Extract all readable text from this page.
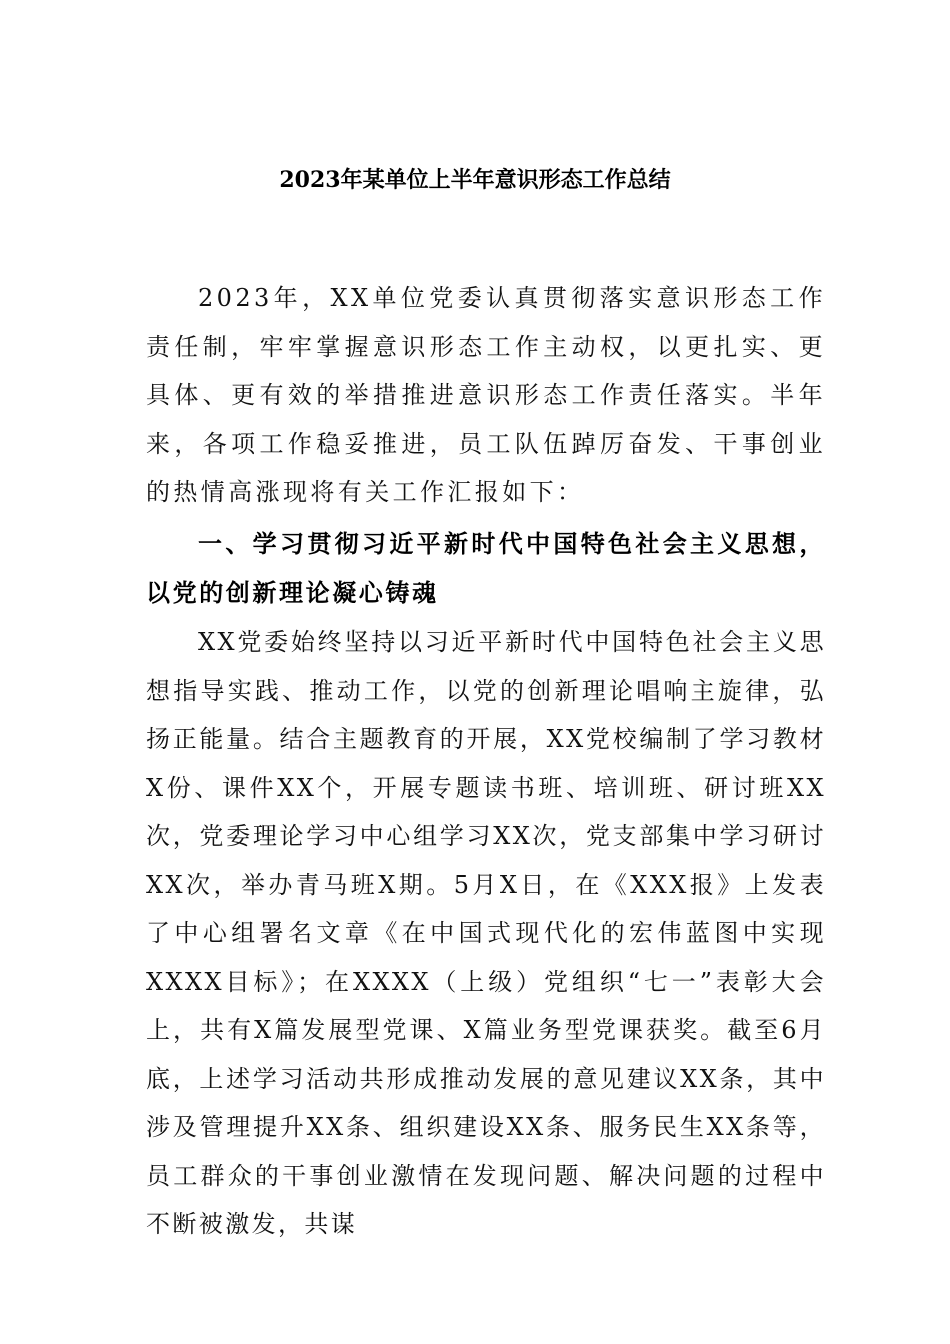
2023年某单位上半年意识形态工作总结

2023年，XX单位党委认真贯彻落实意识形态工作责任制，牢牢掌握意识形态工作主动权，以更扎实、更具体、更有效的举措推进意识形态工作责任落实。半年来，各项工作稳妥推进，员工队伍踔厉奋发、干事创业的热情高涨现将有关工作汇报如下：

一、学习贯彻习近平新时代中国特色社会主义思想，以党的创新理论凝心铸魂

XX党委始终坚持以习近平新时代中国特色社会主义思想指导实践、推动工作，以党的创新理论唱响主旋律，弘扬正能量。结合主题教育的开展，XX党校编制了学习教材X份、课件XX个，开展专题读书班、培训班、研讨班XX次，党委理论学习中心组学习XX次，党支部集中学习研讨XX次，举办青马班X期。5月X日，在《XXX报》上发表了中心组署名文章《在中国式现代化的宏伟蓝图中实现XXXX目标》；在XXXX（上级）党组织“七一”表彰大会上，共有X篇发展型党课、X篇业务型党课获奖。截至6月底，上述学习活动共形成推动发展的意见建议XX条，其中涉及管理提升XX条、组织建设XX条、服务民生XX条等，员工群众的干事创业激情在发现问题、解决问题的过程中不断被激发，共谋
